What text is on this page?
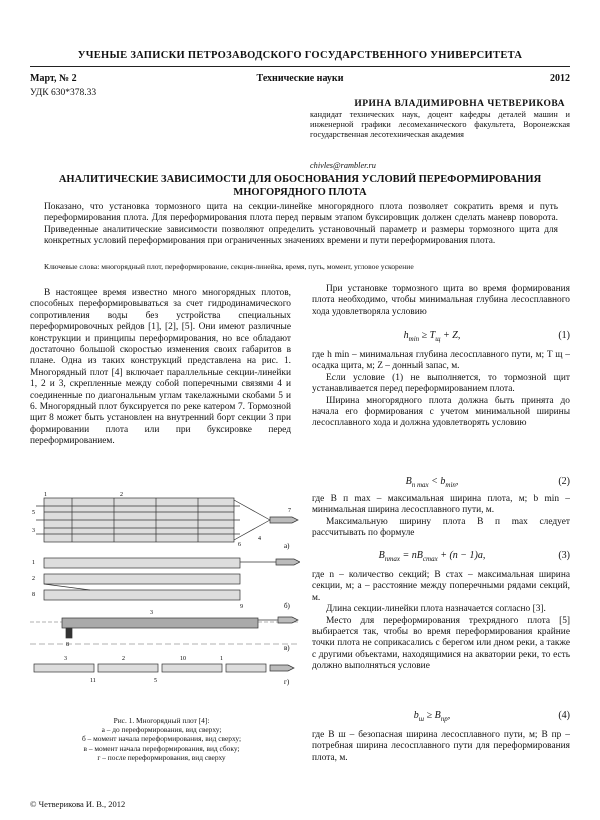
УЧЕНЫЕ ЗАПИСКИ ПЕТРОЗАВОДСКОГО ГОСУДАРСТВЕННОГО УНИВЕРСИТЕТА
Март, № 2	Технические науки	2012
УДК 630*378.33
ИРИНА ВЛАДИМИРОВНА ЧЕТВЕРИКОВА
кандидат технических наук, доцент кафедры деталей машин и инженерной графики лесомеханического факультета, Воронежская государственная лесотехническая академия
chivles@rambler.ru
АНАЛИТИЧЕСКИЕ ЗАВИСИМОСТИ ДЛЯ ОБОСНОВАНИЯ УСЛОВИЙ ПЕРЕФОРМИРОВАНИЯ МНОГОРЯДНОГО ПЛОТА
Показано, что установка тормозного щита на секции-линейке многорядного плота позволяет сократить время и путь переформирования плота. Для переформирования плота перед первым этапом буксировщик должен сделать маневр поворота. Приведенные аналитические зависимости позволяют определить установочный параметр и размеры тормозного щита для конкретных условий переформирования при ограниченных значениях времени и пути переформирования плота.
Ключевые слова: многорядный плот, переформирование, секция-линейка, время, путь, момент, угловое ускорение

В настоящее время известно много многорядных плотов, способных переформировываться за счет гидродинамического сопротивления воды без устройства специальных переформировочных рейдов [1], [2], [5]. Они имеют различные конструкции и принципы переформирования, но все обладают достаточно большой скоростью изменения своих габаритов в плане. Одна из таких конструкций представлена на рис. 1. Многорядный плот [4] включает параллельные секции-линейки 1, 2 и 3, скрепленные между собой поперечными связями 4 и соединенные по диагональным углам такелажными скобами 5 и 6. Многорядный плот буксируется по реке катером 7. Тормозной щит 8 может быть установлен на внутренний борт секции 3 при формировании плота или при буксировке перед переформированием.

1	2
5
3
6
4
7
а)
1
2
8
9	б)
3
8	в)
3	2	10	1
11	5	г)
Рис. 1. Многорядный плот [4]:
а – до переформирования, вид сверху;
б – момент начала переформирования, вид сверху;
в – момент начала переформирования, вид сбоку;
г – после переформирования, вид сверху

При установке тормозного щита во время формирования плота необходимо, чтобы минимальная глубина лесосплавного хода удовлетворяла условию

$h_{min} \ge T_щ + Z$,	(1)

где h min – минимальная глубина лесосплавного пути, м; T щ – осадка щита, м; Z – донный запас, м.

Если условие (1) не выполняется, то тормозной щит устанавливается перед переформированием плота.

Ширина многорядного плота должна быть принята до начала его формирования с учетом минимальной ширины лесосплавного хода и должна удовлетворять условию

$B_{п max} < b_{min}$,	(2)

где B п max – максимальная ширина плота, м; b min – минимальная ширина лесосплавного пути, м.

Максимальную ширину плота B п max следует рассчитывать по формуле

$B_{птах} = nB_{стах} + (n - 1)a$,	(3)

где n – количество секций; B стах – максимальная ширина секции, м; a – расстояние между поперечными рядами секций, м.

Длина секции-линейки плота назначается согласно [3].

Место для переформирования трехрядного плота [5] выбирается так, чтобы во время переформирования крайние точки плота не соприкасались с берегом или дном реки, а также с другими объектами, находящимися на акватории реки, то есть должно выполняться условие

$b_ш \ge B_{пр}$,	(4)

где B ш – безопасная ширина лесосплавного пути, м; B пр – потребная ширина лесосплавного пути для переформирования плота, м.

© Четверикова И. В., 2012
